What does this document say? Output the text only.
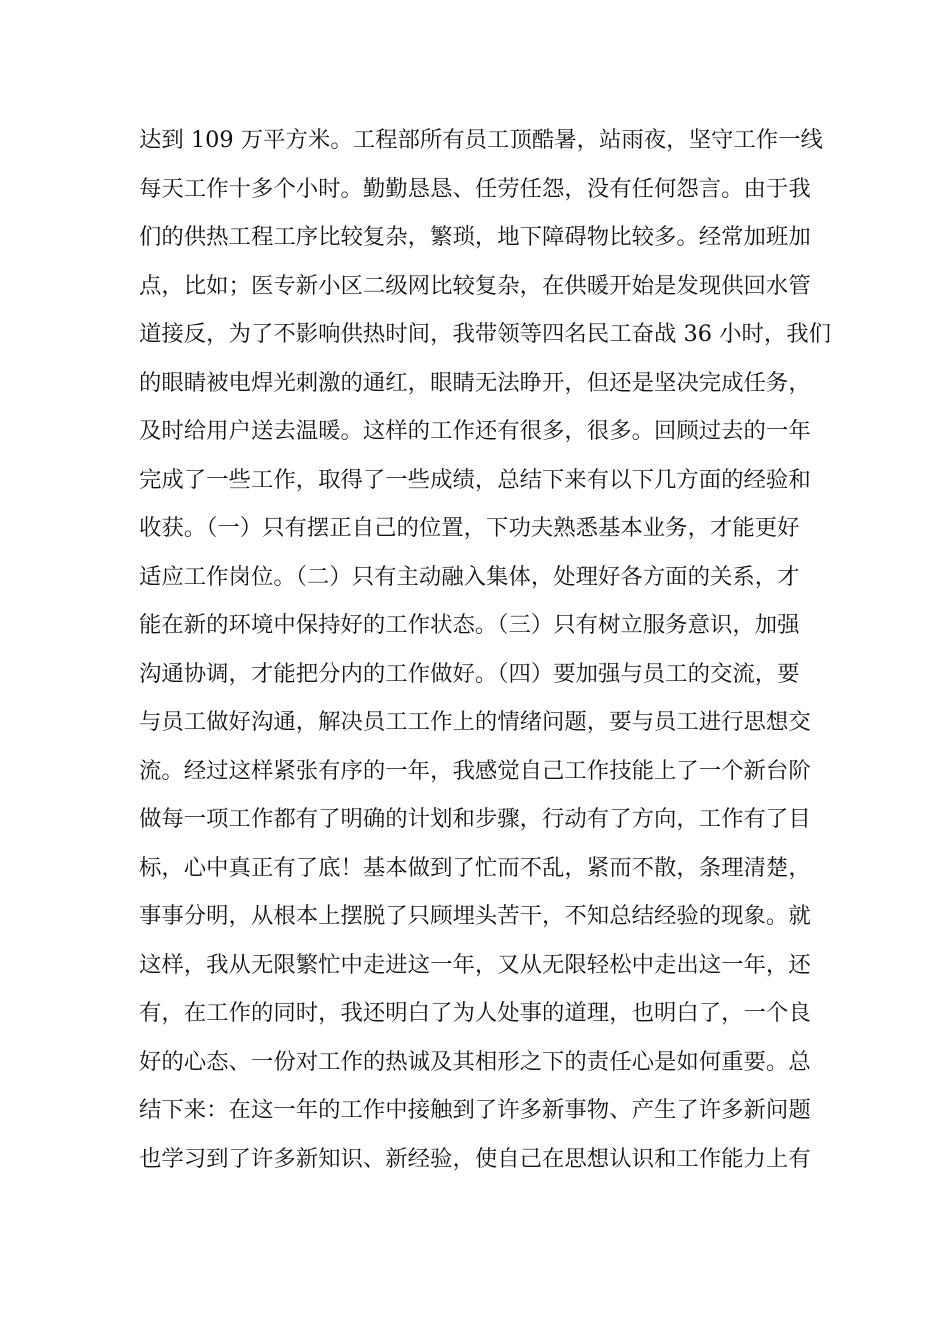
达到 109 万平方米。工程部所有员工顶酷暑，站雨夜，坚守工作一线
每天工作十多个小时。勤勤恳恳、任劳任怨，没有任何怨言。由于我
们的供热工程工序比较复杂，繁琐，地下障碍物比较多。经常加班加
点，比如；医专新小区二级网比较复杂，在供暖开始是发现供回水管
道接反，为了不影响供热时间，我带领等四名民工奋战 36 小时，我们
的眼睛被电焊光刺激的通红，眼睛无法睁开，但还是坚决完成任务，
及时给用户送去温暖。这样的工作还有很多，很多。回顾过去的一年
完成了一些工作，取得了一些成绩，总结下来有以下几方面的经验和
收获。（一）只有摆正自己的位置，下功夫熟悉基本业务，才能更好
适应工作岗位。（二）只有主动融入集体，处理好各方面的关系，才
能在新的环境中保持好的工作状态。（三）只有树立服务意识，加强
沟通协调，才能把分内的工作做好。（四）要加强与员工的交流，要
与员工做好沟通，解决员工工作上的情绪问题，要与员工进行思想交
流。经过这样紧张有序的一年，我感觉自己工作技能上了一个新台阶
做每一项工作都有了明确的计划和步骤，行动有了方向，工作有了目
标，心中真正有了底！基本做到了忙而不乱，紧而不散，条理清楚，
事事分明，从根本上摆脱了只顾埋头苦干，不知总结经验的现象。就
这样，我从无限繁忙中走进这一年，又从无限轻松中走出这一年，还
有，在工作的同时，我还明白了为人处事的道理，也明白了，一个良
好的心态、一份对工作的热诚及其相形之下的责任心是如何重要。总
结下来：在这一年的工作中接触到了许多新事物、产生了许多新问题
也学习到了许多新知识、新经验，使自己在思想认识和工作能力上有
